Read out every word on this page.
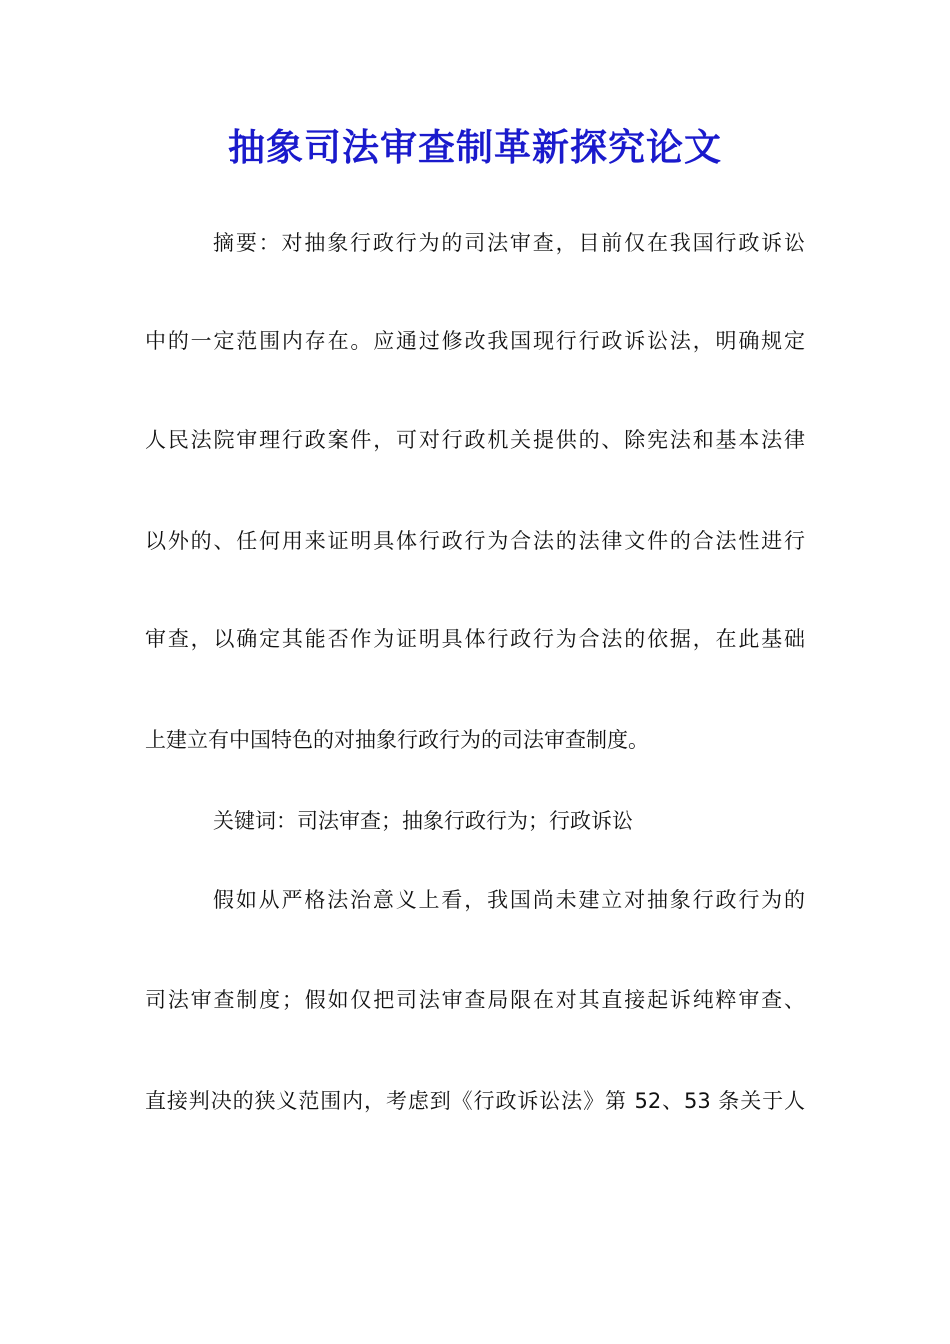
抽象司法审查制革新探究论文
摘要：对抽象行政行为的司法审查，目前仅在我国行政诉讼
中的一定范围内存在。应通过修改我国现行行政诉讼法，明确规定
人民法院审理行政案件，可对行政机关提供的、除宪法和基本法律
以外的、任何用来证明具体行政行为合法的法律文件的合法性进行
审查，以确定其能否作为证明具体行政行为合法的依据，在此基础
上建立有中国特色的对抽象行政行为的司法审查制度。
关键词：司法审查；抽象行政行为；行政诉讼
假如从严格法治意义上看，我国尚未建立对抽象行政行为的
司法审查制度；假如仅把司法审查局限在对其直接起诉纯粹审查、
直接判决的狭义范围内，考虑到《行政诉讼法》第 52、53 条关于人
